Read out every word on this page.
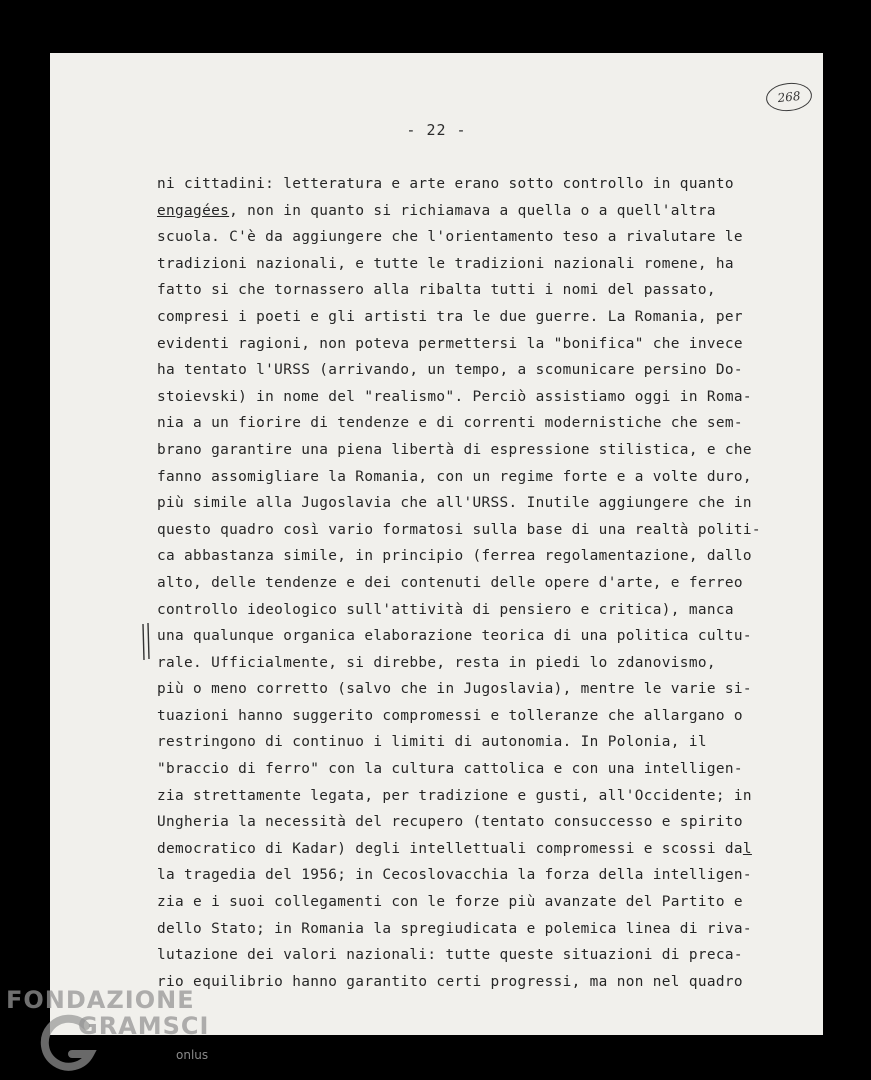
268
- 22 -
ni cittadini: letteratura e arte erano sotto controllo in quanto
engagées, non in quanto si richiamava a quella o a quell'altra
scuola. C'è da aggiungere che l'orientamento teso a rivalutare le
tradizioni nazionali, e tutte le tradizioni nazionali romene, ha
fatto si che tornassero alla ribalta tutti i nomi del passato,
compresi i poeti e gli artisti tra le due guerre. La Romania, per
evidenti ragioni, non poteva permettersi la "bonifica" che invece
ha tentato l'URSS (arrivando, un tempo, a scomunicare persino Do-
stoievski) in nome del "realismo". Perciò assistiamo oggi in Roma-
nia a un fiorire di tendenze e di correnti modernistiche che sem-
brano garantire una piena libertà di espressione stilistica, e che
fanno assomigliare la Romania, con un regime forte e a volte duro,
più simile alla Jugoslavia che all'URSS. Inutile aggiungere che in
questo quadro così vario formatosi sulla base di una realtà politi-
ca abbastanza simile, in principio (ferrea regolamentazione, dallo
alto, delle tendenze e dei contenuti delle opere d'arte, e ferreo
controllo ideologico sull'attività di pensiero e critica), manca
una qualunque organica elaborazione teorica di una politica cultu-
rale. Ufficialmente, si direbbe, resta in piedi lo zdanovismo,
più o meno corretto (salvo che in Jugoslavia), mentre le varie si-
tuazioni hanno suggerito compromessi e tolleranze che allargano o
restringono di continuo i limiti di autonomia. In Polonia, il
"braccio di ferro" con la cultura cattolica e con una intelligen-
zia strettamente legata, per tradizione e gusti, all'Occidente; in
Ungheria la necessità del recupero (tentato consuccesso e spirito
democratico di Kadar) degli intellettuali compromessi e scossi dal
la tragedia del 1956; in Cecoslovacchia la forza della intelligen-
zia e i suoi collegamenti con le forze più avanzate del Partito e
dello Stato; in Romania la spregiudicata e polemica linea di riva-
lutazione dei valori nazionali: tutte queste situazioni di preca-
rio equilibrio hanno garantito certi progressi, ma non nel quadro
FONDAZIONE
GRAMSCI
onlus
